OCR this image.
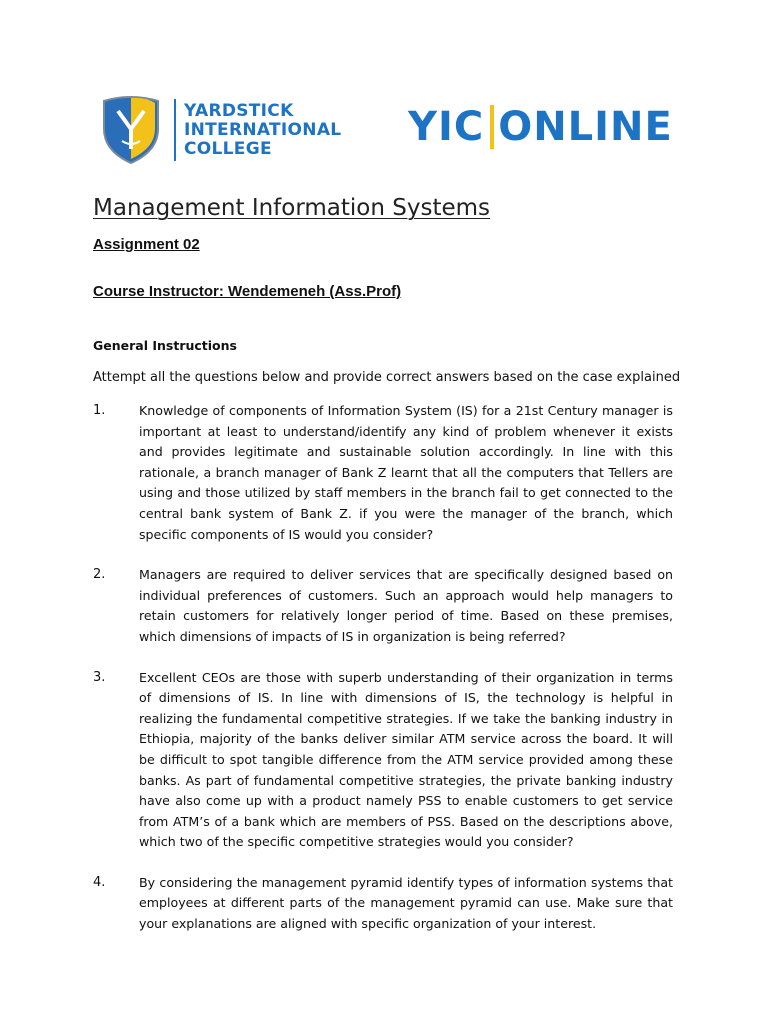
YARDSTICK
INTERNATIONAL
COLLEGE	YIC ONLINE
Management Information Systems
Assignment 02
Course Instructor: Wendemeneh (Ass.Prof)
General Instructions
Attempt all the questions below and provide correct answers based on the case explained
1.	Knowledge of components of Information System (IS) for a 21st Century manager is important at least to understand/identify any kind of problem whenever it exists and provides legitimate and sustainable solution accordingly. In line with this rationale, a branch manager of Bank Z learnt that all the computers that Tellers are using and those utilized by staff members in the branch fail to get connected to the central bank system of Bank Z. if you were the manager of the branch, which specific components of IS would you consider?
2.	Managers are required to deliver services that are specifically designed based on individual preferences of customers. Such an approach would help managers to retain customers for relatively longer period of time. Based on these premises, which dimensions of impacts of IS in organization is being referred?
3.	Excellent CEOs are those with superb understanding of their organization in terms of dimensions of IS. In line with dimensions of IS, the technology is helpful in realizing the fundamental competitive strategies. If we take the banking industry in Ethiopia, majority of the banks deliver similar ATM service across the board. It will be difficult to spot tangible difference from the ATM service provided among these banks. As part of fundamental competitive strategies, the private banking industry have also come up with a product namely PSS to enable customers to get service from ATM’s of a bank which are members of PSS. Based on the descriptions above, which two of the specific competitive strategies would you consider?
4.	By considering the management pyramid identify types of information systems that employees at different parts of the management pyramid can use. Make sure that your explanations are aligned with specific organization of your interest.
